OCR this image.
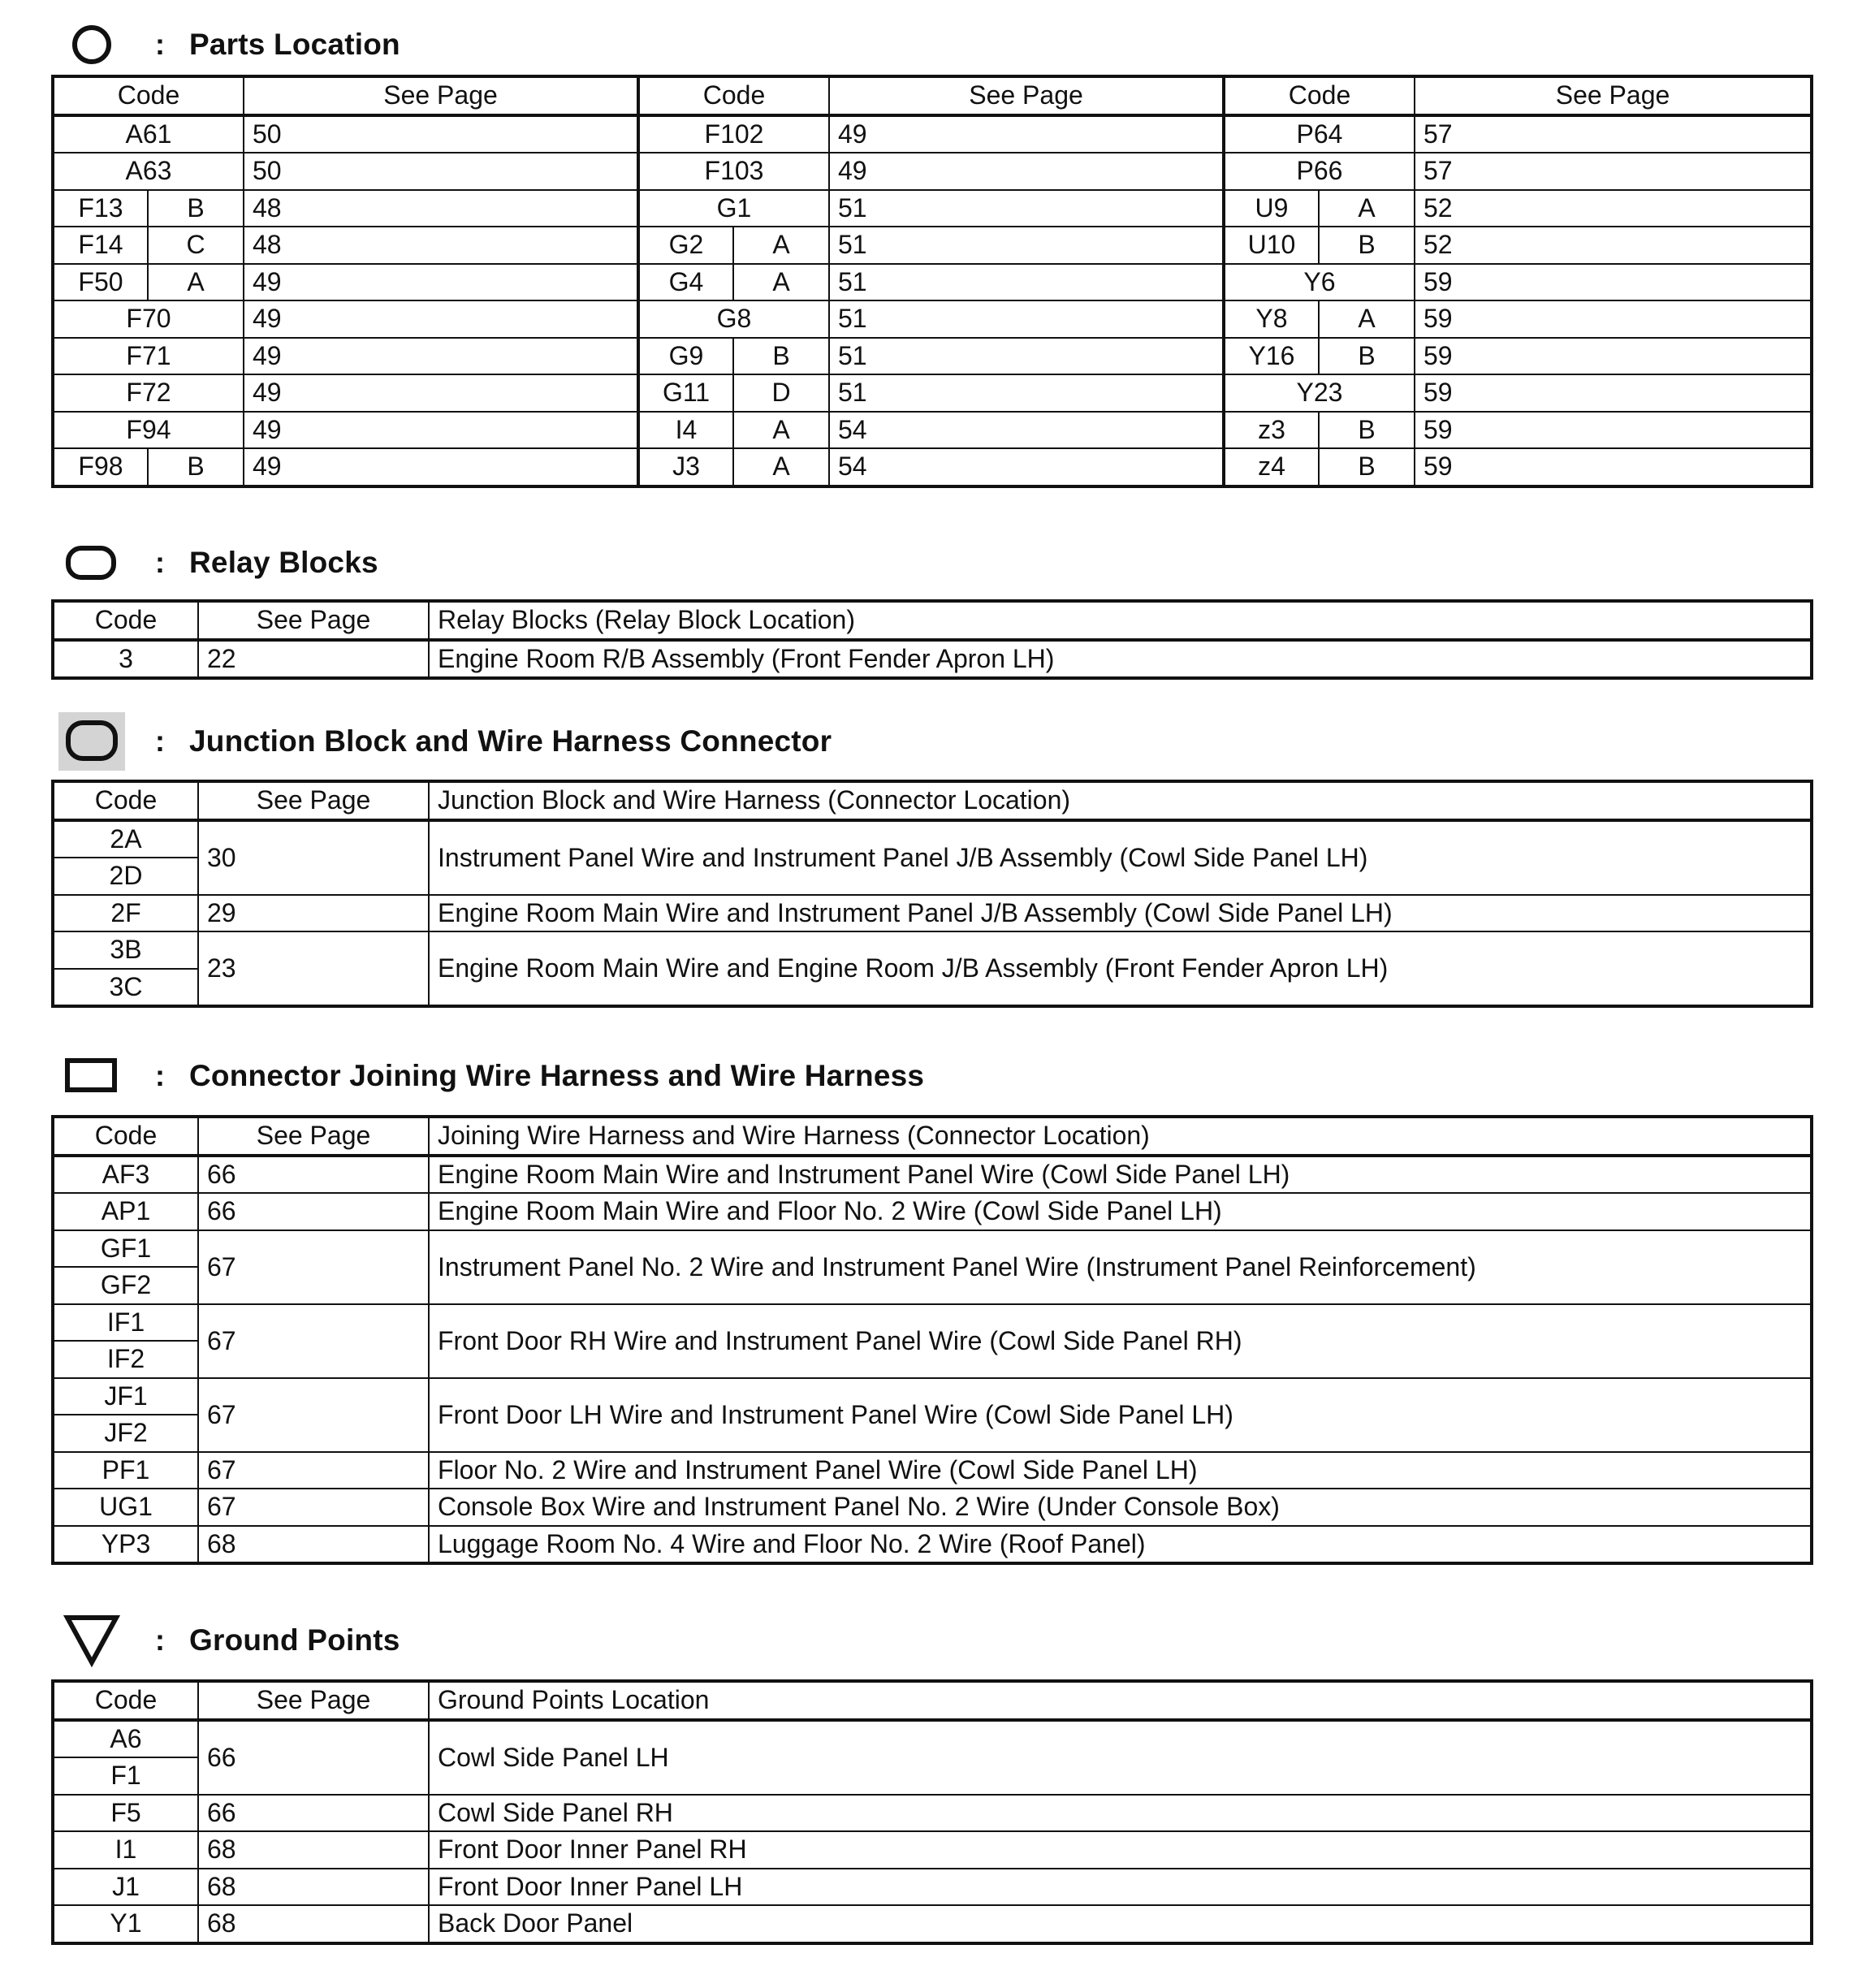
: Parts Location
Code		See Page	Code		See Page	Code		See Page
A61		50	F102		49	P64		57
A63		50	F103		49	P66		57
F13	B	48	G1		51	U9	A	52
F14	C	48	G2	A	51	U10	B	52
F50	A	49	G4	A	51	Y6		59
F70		49	G8		51	Y8	A	59
F71		49	G9	B	51	Y16	B	59
F72		49	G11	D	51	Y23		59
F94		49	I4	A	54	z3	B	59
F98	B	49	J3	A	54	z4	B	59
: Relay Blocks
Code	See Page	Relay Blocks (Relay Block Location)
3	22	Engine Room R/B Assembly (Front Fender Apron LH)
: Junction Block and Wire Harness Connector
Code	See Page	Junction Block and Wire Harness (Connector Location)
2A	30	Instrument Panel Wire and Instrument Panel J/B Assembly (Cowl Side Panel LH)
2D		
2F	29	Engine Room Main Wire and Instrument Panel J/B Assembly (Cowl Side Panel LH)
3B	23	Engine Room Main Wire and Engine Room J/B Assembly (Front Fender Apron LH)
3C		
: Connector Joining Wire Harness and Wire Harness
Code	See Page	Joining Wire Harness and Wire Harness (Connector Location)
AF3	66	Engine Room Main Wire and Instrument Panel Wire (Cowl Side Panel LH)
AP1	66	Engine Room Main Wire and Floor No. 2 Wire (Cowl Side Panel LH)
GF1	67	Instrument Panel No. 2 Wire and Instrument Panel Wire (Instrument Panel Reinforcement)
GF2		
IF1	67	Front Door RH Wire and Instrument Panel Wire (Cowl Side Panel RH)
IF2		
JF1	67	Front Door LH Wire and Instrument Panel Wire (Cowl Side Panel LH)
JF2		
PF1	67	Floor No. 2 Wire and Instrument Panel Wire (Cowl Side Panel LH)
UG1	67	Console Box Wire and Instrument Panel No. 2 Wire (Under Console Box)
YP3	68	Luggage Room No. 4 Wire and Floor No. 2 Wire (Roof Panel)
: Ground Points
Code	See Page	Ground Points Location
A6	66	Cowl Side Panel LH
F1		
F5	66	Cowl Side Panel RH
I1	68	Front Door Inner Panel RH
J1	68	Front Door Inner Panel LH
Y1	68	Back Door Panel
